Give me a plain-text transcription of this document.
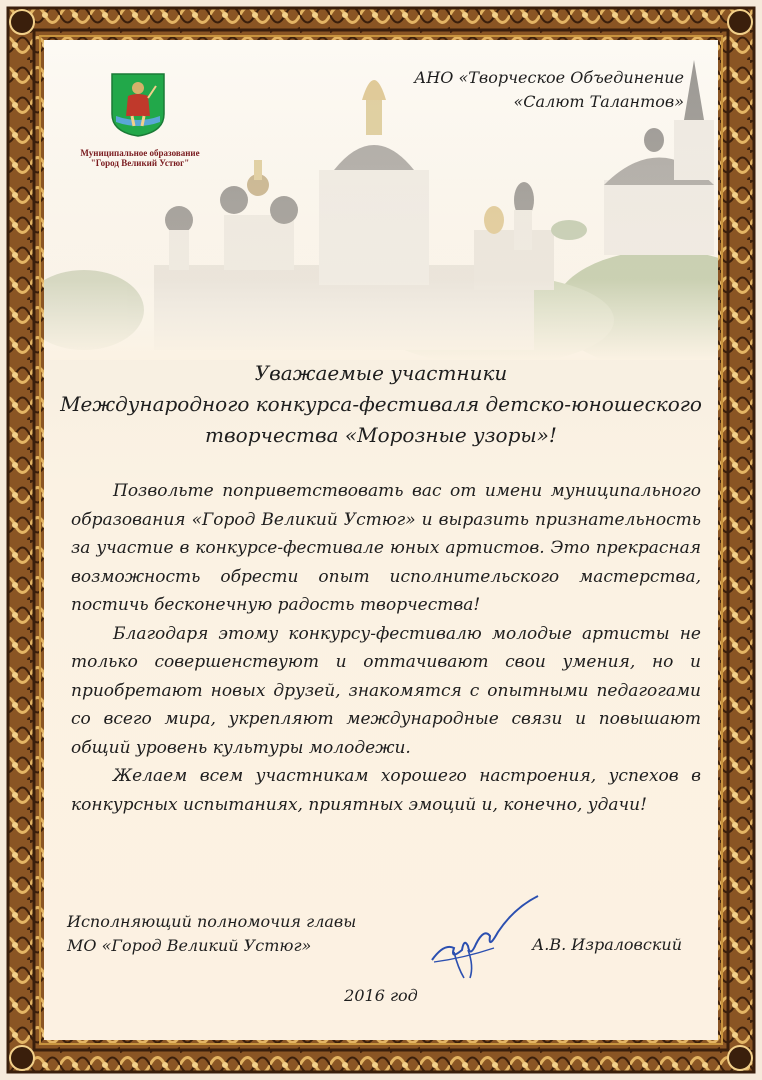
Муниципальное образование
"Город Великий Устюг"
АНО «Творческое Объединение
«Салют Талантов»
Уважаемые участники
Международного конкурса-фестиваля детско-юношеского
творчества «Морозные узоры»!

Позвольте поприветствовать вас от имени муниципального образования «Город Великий Устюг» и выразить признательность за участие в конкурсе-фестивале юных артистов. Это прекрасная возможность обрести опыт исполнительского мастерства, постичь бесконечную радость творчества!

Благодаря этому конкурсу-фестивалю молодые артисты не только совершенствуют и оттачивают свои умения, но и приобретают новых друзей, знакомятся с опытными педагогами со всего мира, укрепляют международные связи и повышают общий уровень культуры молодежи.

Желаем всем участникам хорошего настроения, успехов в конкурсных испытаниях, приятных эмоций и, конечно, удачи!

Исполняющий полномочия главы
МО «Город Великий Устюг»	А.В. Израловский
2016 год
